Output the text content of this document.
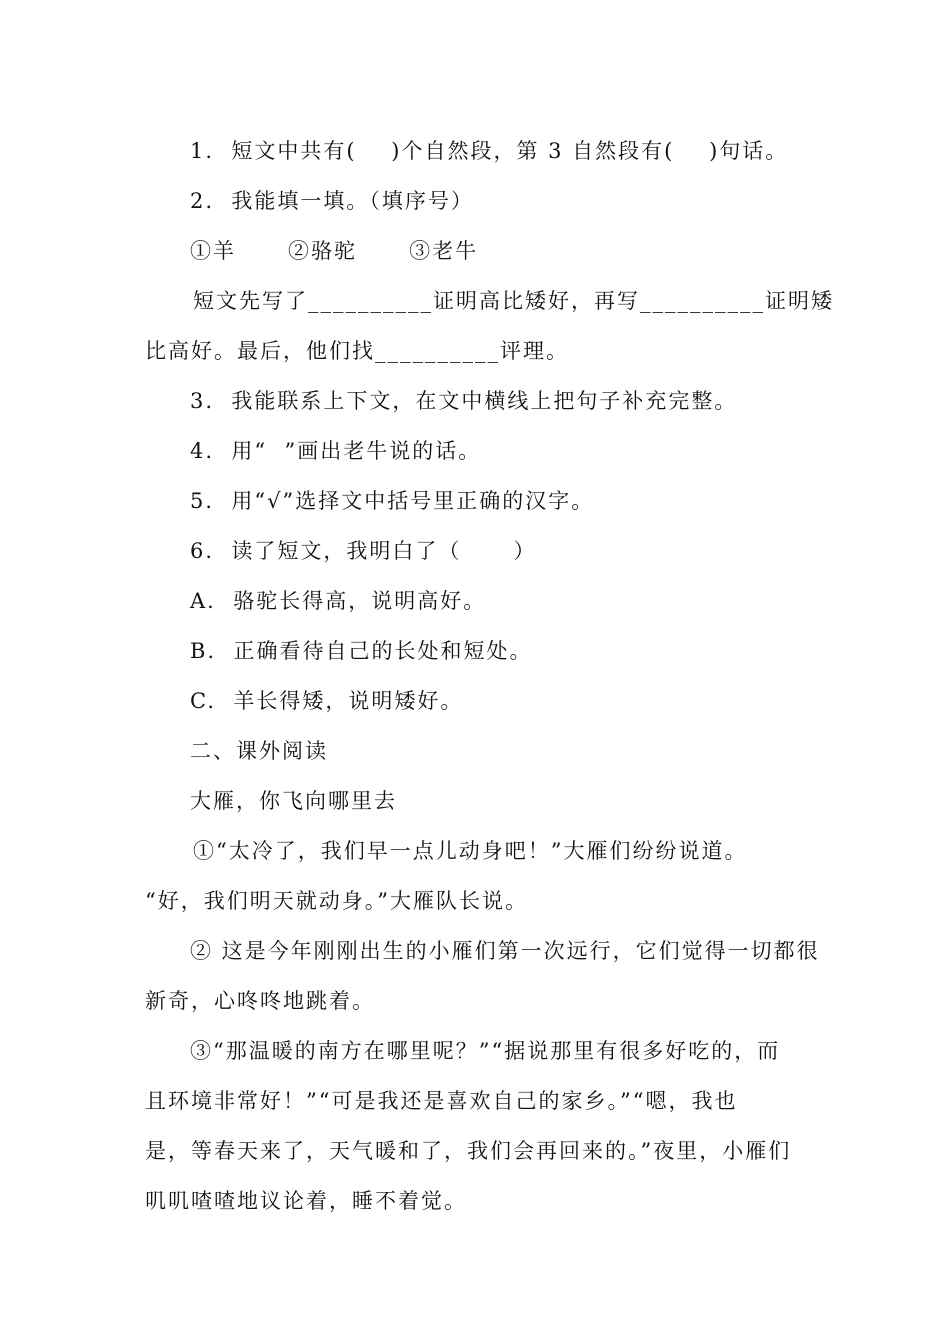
1.  短文中共有(    )个自然段，第 3 自然段有(    )句话。
2.  我能填一填。（填序号）
①羊      ②骆驼      ③老牛
短文先写了__________证明高比矮好，再写__________证明矮
比高好。最后，他们找__________评理。
3.  我能联系上下文，在文中横线上把句子补充完整。
4.  用“  ”画出老牛说的话。
5.  用“√”选择文中括号里正确的汉字。
6.  读了短文，我明白了（      ）
A.  骆驼长得高，说明高好。
B.  正确看待自己的长处和短处。
C.  羊长得矮，说明矮好。
二、课外阅读
大雁，你飞向哪里去
①“太冷了，我们早一点儿动身吧！”大雁们纷纷说道。
“好，我们明天就动身。”大雁队长说。
② 这是今年刚刚出生的小雁们第一次远行，它们觉得一切都很
新奇，心咚咚地跳着。
③“那温暖的南方在哪里呢？”“据说那里有很多好吃的，而
且环境非常好！”“可是我还是喜欢自己的家乡。”“嗯，我也
是，等春天来了，天气暖和了，我们会再回来的。”夜里，小雁们
叽叽喳喳地议论着，睡不着觉。
